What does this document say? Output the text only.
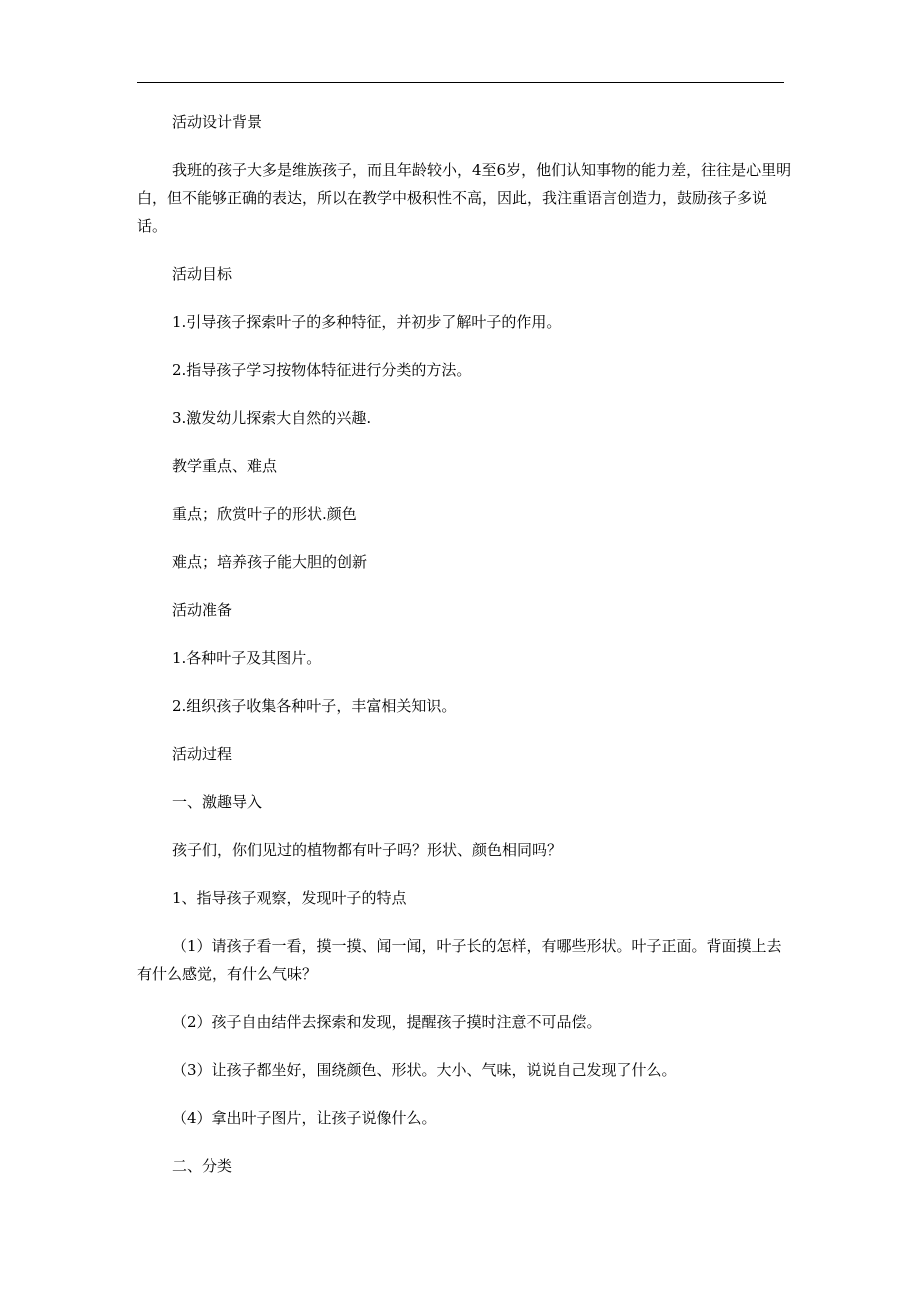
活动设计背景

我班的孩子大多是维族孩子，而且年龄较小，4至6岁，他们认知事物的能力差，往往是心里明白，但不能够正确的表达，所以在教学中极积性不高，因此，我注重语言创造力，鼓励孩子多说话。

活动目标

1.引导孩子探索叶子的多种特征，并初步了解叶子的作用。

2.指导孩子学习按物体特征进行分类的方法。

3.激发幼儿探索大自然的兴趣.

教学重点、难点

重点；欣赏叶子的形状.颜色

难点；培养孩子能大胆的创新

活动准备

1.各种叶子及其图片。

2.组织孩子收集各种叶子，丰富相关知识。

活动过程

一、激趣导入

孩子们，你们见过的植物都有叶子吗？形状、颜色相同吗？

1、指导孩子观察，发现叶子的特点

（1）请孩子看一看，摸一摸、闻一闻，叶子长的怎样，有哪些形状。叶子正面。背面摸上去有什么感觉，有什么气味？

（2）孩子自由结伴去探索和发现，提醒孩子摸时注意不可品偿。

（3）让孩子都坐好，围绕颜色、形状。大小、气味，说说自己发现了什么。

（4）拿出叶子图片，让孩子说像什么。

二、分类
